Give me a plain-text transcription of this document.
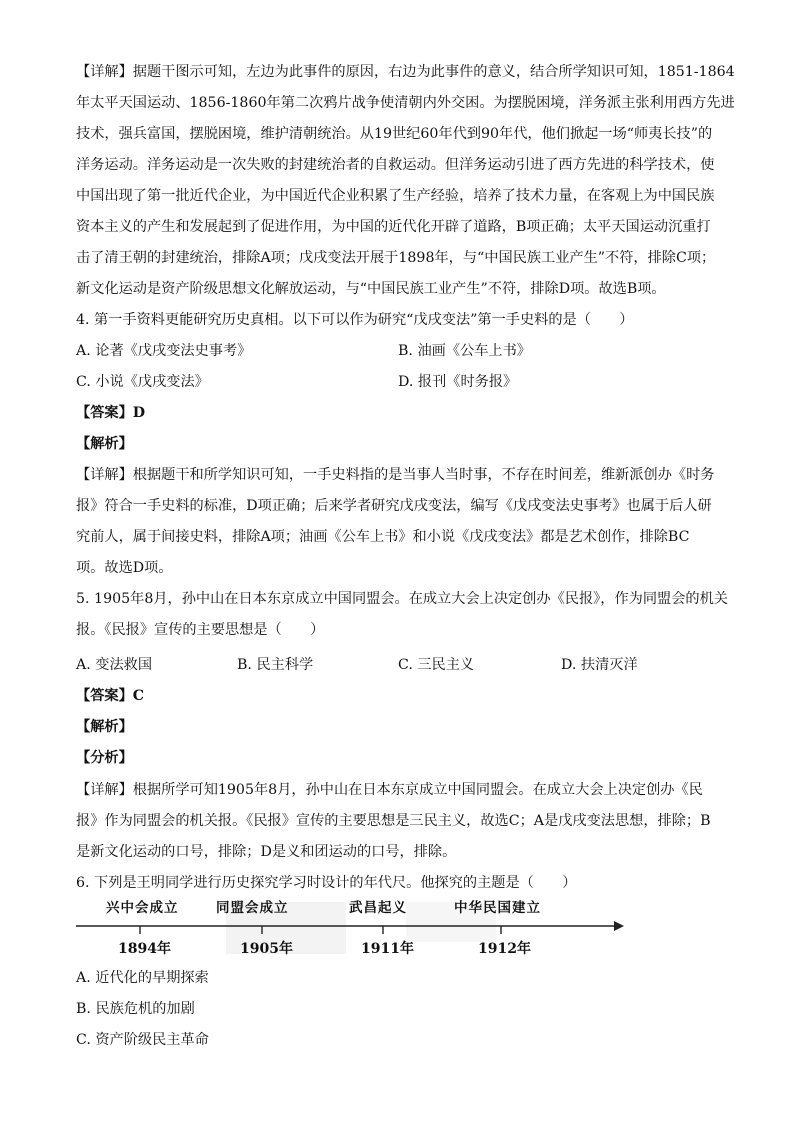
【详解】据题干图示可知，左边为此事件的原因，右边为此事件的意义，结合所学知识可知，1851-1864
年太平天国运动、1856-1860年第二次鸦片战争使清朝内外交困。为摆脱困境，洋务派主张利用西方先进
技术，强兵富国，摆脱困境，维护清朝统治。从19世纪60年代到90年代，他们掀起一场“师夷长技”的
洋务运动。洋务运动是一次失败的封建统治者的自救运动。但洋务运动引进了西方先进的科学技术，使
中国出现了第一批近代企业，为中国近代企业积累了生产经验，培养了技术力量，在客观上为中国民族
资本主义的产生和发展起到了促进作用，为中国的近代化开辟了道路，B项正确；太平天国运动沉重打
击了清王朝的封建统治，排除A项；戊戌变法开展于1898年，与“中国民族工业产生”不符，排除C项；
新文化运动是资产阶级思想文化解放运动，与“中国民族工业产生”不符，排除D项。故选B项。
4. 第一手资料更能研究历史真相。以下可以作为研究“戊戌变法”第一手史料的是（　　）
A. 论著《戊戌变法史事考》	B. 油画《公车上书》
C. 小说《戊戌变法》	D. 报刊《时务报》
【答案】D
【解析】
【详解】根据题干和所学知识可知，一手史料指的是当事人当时事，不存在时间差，维新派创办《时务
报》符合一手史料的标准，D项正确；后来学者研究戊戌变法，编写《戊戌变法史事考》也属于后人研
究前人，属于间接史料，排除A项；油画《公车上书》和小说《戊戌变法》都是艺术创作，排除BC
项。故选D项。
5. 1905年8月，孙中山在日本东京成立中国同盟会。在成立大会上决定创办《民报》，作为同盟会的机关
报。《民报》宣传的主要思想是（　　）
A. 变法救国	B. 民主科学	C. 三民主义	D. 扶清灭洋
【答案】C
【解析】
【分析】
【详解】根据所学可知1905年8月，孙中山在日本东京成立中国同盟会。在成立大会上决定创办《民
报》作为同盟会的机关报。《民报》宣传的主要思想是三民主义，故选C；A是戊戌变法思想，排除；B
是新文化运动的口号，排除；D是义和团运动的口号，排除。
6. 下列是王明同学进行历史探究学习时设计的年代尺。他探究的主题是（　　）
兴中会成立	同盟会成立	武昌起义	中华民国建立
1894年	1905年	1911年	1912年
A. 近代化的早期探索
B. 民族危机的加剧
C. 资产阶级民主革命
